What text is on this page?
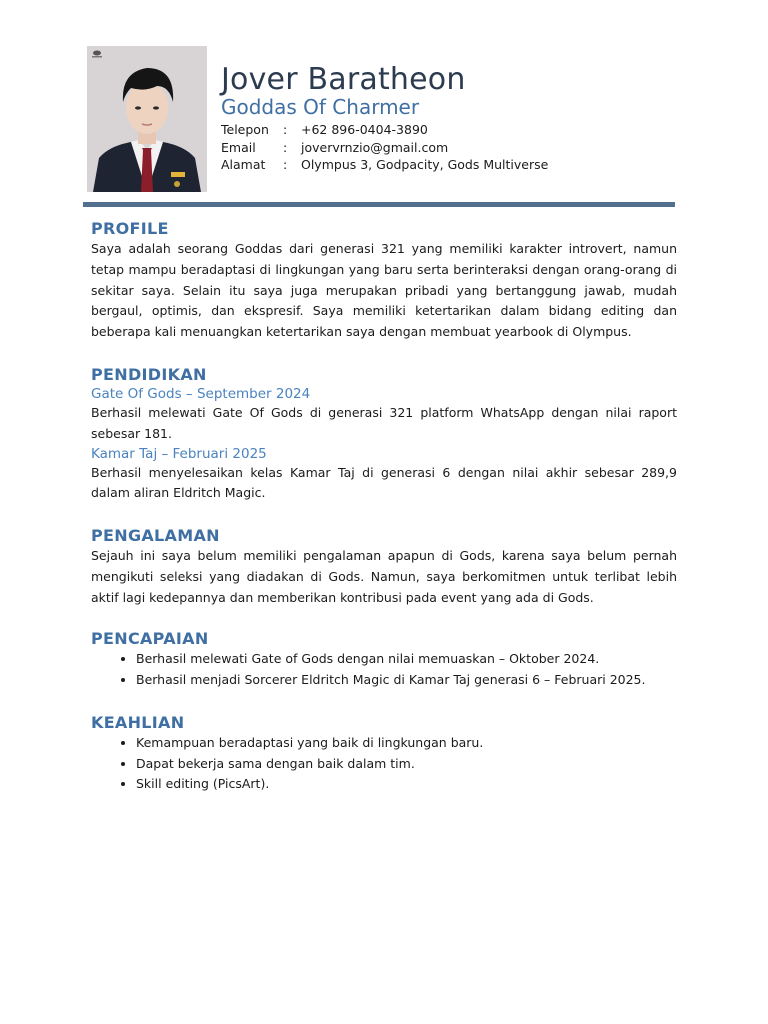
Jover Baratheon
Goddas Of Charmer
Telepon	:	+62 896-0404-3890
Email	:	jovervrnzio@gmail.com
Alamat	:	Olympus 3, Godpacity, Gods Multiverse
PROFILE

Saya adalah seorang Goddas dari generasi 321 yang memiliki karakter introvert, namun tetap mampu beradaptasi di lingkungan yang baru serta berinteraksi dengan orang-orang di sekitar saya. Selain itu saya juga merupakan pribadi yang bertanggung jawab, mudah bergaul, optimis, dan ekspresif. Saya memiliki ketertarikan dalam bidang editing dan beberapa kali menuangkan ketertarikan saya dengan membuat yearbook di Olympus.

PENDIDIKAN

Gate Of Gods – September 2024

Berhasil melewati Gate Of Gods di generasi 321 platform WhatsApp dengan nilai raport sebesar 181.

Kamar Taj – Februari 2025

Berhasil menyelesaikan kelas Kamar Taj di generasi 6 dengan nilai akhir sebesar 289,9 dalam aliran Eldritch Magic.

PENGALAMAN

Sejauh ini saya belum memiliki pengalaman apapun di Gods, karena saya belum pernah mengikuti seleksi yang diadakan di Gods. Namun, saya berkomitmen untuk terlibat lebih aktif lagi kedepannya dan memberikan kontribusi pada event yang ada di Gods.

PENCAPAIAN
• Berhasil melewati Gate of Gods dengan nilai memuaskan – Oktober 2024.
• Berhasil menjadi Sorcerer Eldritch Magic di Kamar Taj generasi 6 – Februari 2025.
KEAHLIAN
• Kemampuan beradaptasi yang baik di lingkungan baru.
• Dapat bekerja sama dengan baik dalam tim.
• Skill editing (PicsArt).
